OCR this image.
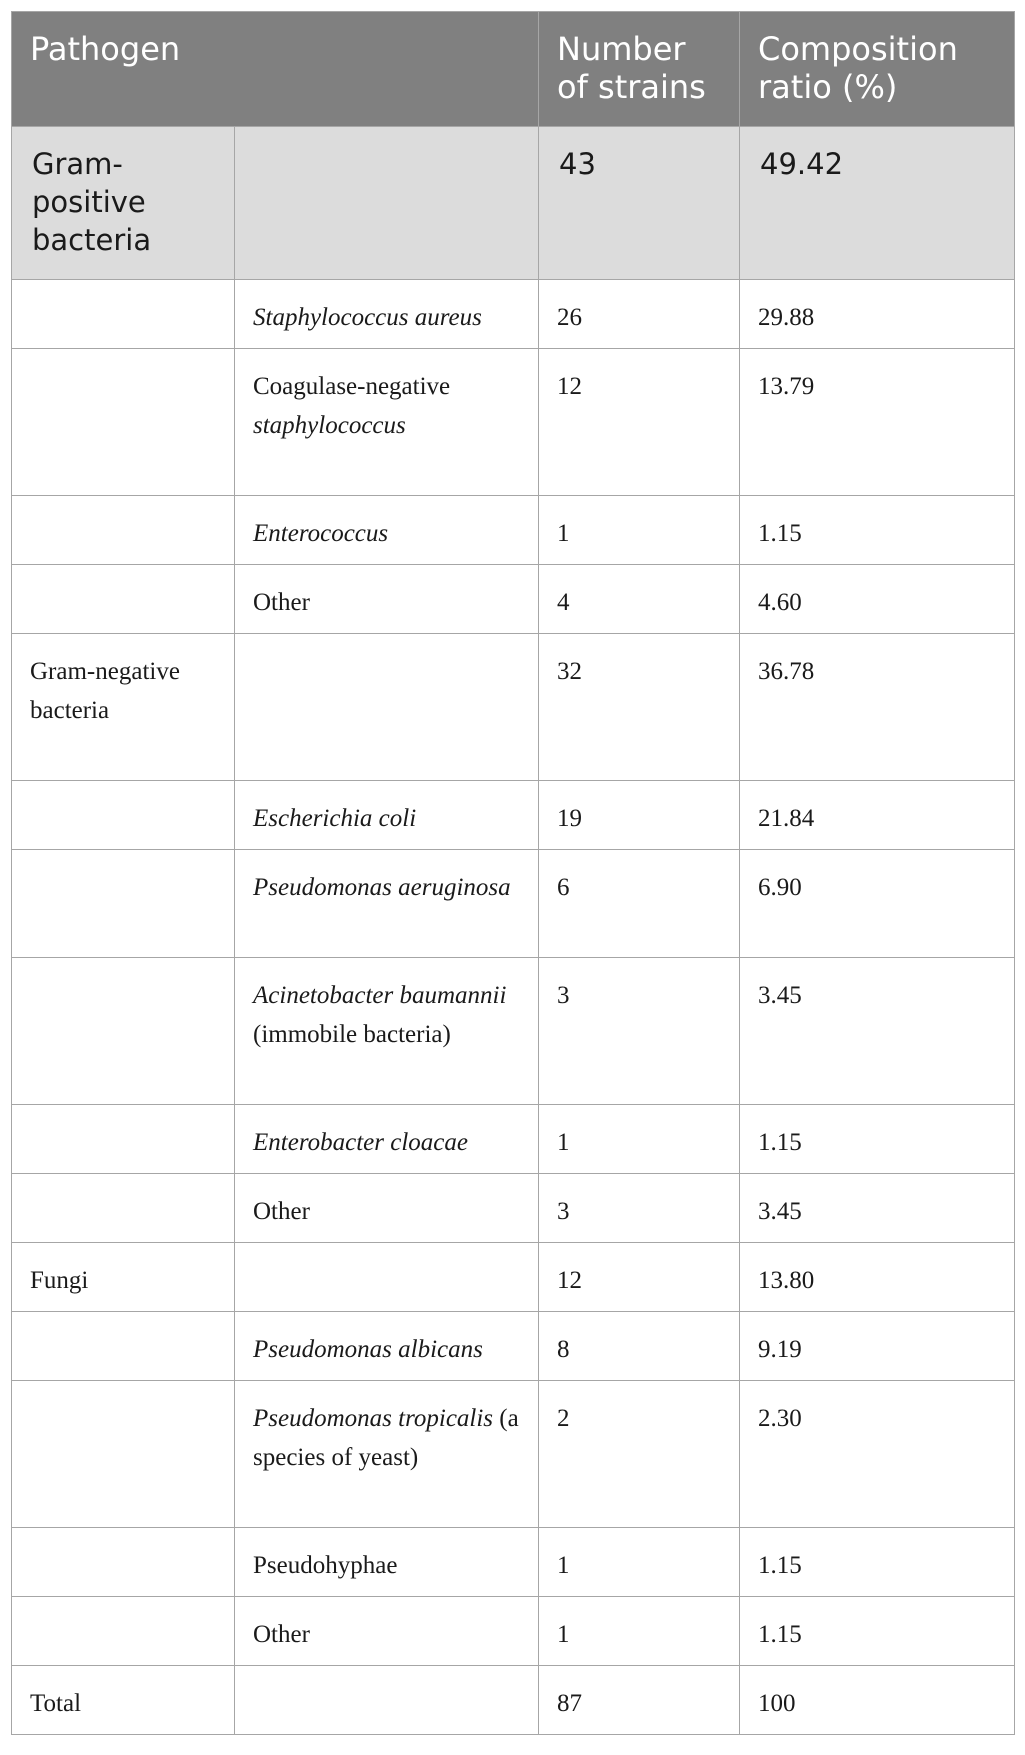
Pathogen		Number of strains	Composition ratio (%)
Gram-positive bacteria		43	49.42
	Staphylococcus aureus	26	29.88
	Coagulase-negative staphylococcus	12	13.79
	Enterococcus	1	1.15
	Other	4	4.60
Gram-negative bacteria		32	36.78
	Escherichia coli	19	21.84
	Pseudomonas aeruginosa	6	6.90
	Acinetobacter baumannii (immobile bacteria)	3	3.45
	Enterobacter cloacae	1	1.15
	Other	3	3.45
Fungi		12	13.80
	Pseudomonas albicans	8	9.19
	Pseudomonas tropicalis (a species of yeast)	2	2.30
	Pseudohyphae	1	1.15
	Other	1	1.15
Total		87	100
